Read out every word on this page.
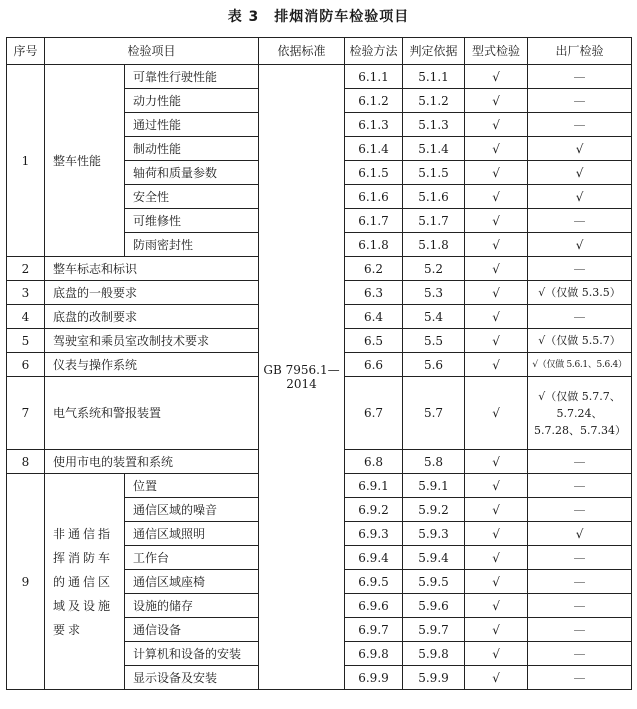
表 3　排烟消防车检验项目
序号	检验项目		依据标准	检验方法	判定依据	型式检验	出厂检验
1	整车性能	可靠性行驶性能	GB 7956.1—2014	6.1.1	5.1.1	√	—
		动力性能		6.1.2	5.1.2	√	—
		通过性能		6.1.3	5.1.3	√	—
		制动性能		6.1.4	5.1.4	√	√
		轴荷和质量参数		6.1.5	5.1.5	√	√
		安全性		6.1.6	5.1.6	√	√
		可维修性		6.1.7	5.1.7	√	—
		防雨密封性		6.1.8	5.1.8	√	√
2	整车标志和标识			6.2	5.2	√	—
3	底盘的一般要求			6.3	5.3	√	√（仅做 5.3.5）
4	底盘的改制要求			6.4	5.4	√	—
5	驾驶室和乘员室改制技术要求			6.5	5.5	√	√（仅做 5.5.7）
6	仪表与操作系统			6.6	5.6	√	√（仅做 5.6.1、5.6.4）
7	电气系统和警报装置			6.7	5.7	√	√（仅做 5.7.7、5.7.24、5.7.28、5.7.34）
8	使用市电的装置和系统			6.8	5.8	√	—
9	非通信指挥消防车的通信区域及设施要求	位置		6.9.1	5.9.1	√	—
		通信区域的噪音		6.9.2	5.9.2	√	—
		通信区域照明		6.9.3	5.9.3	√	√
		工作台		6.9.4	5.9.4	√	—
		通信区域座椅		6.9.5	5.9.5	√	—
		设施的储存		6.9.6	5.9.6	√	—
		通信设备		6.9.7	5.9.7	√	—
		计算机和设备的安装		6.9.8	5.9.8	√	—
		显示设备及安装		6.9.9	5.9.9	√	—
